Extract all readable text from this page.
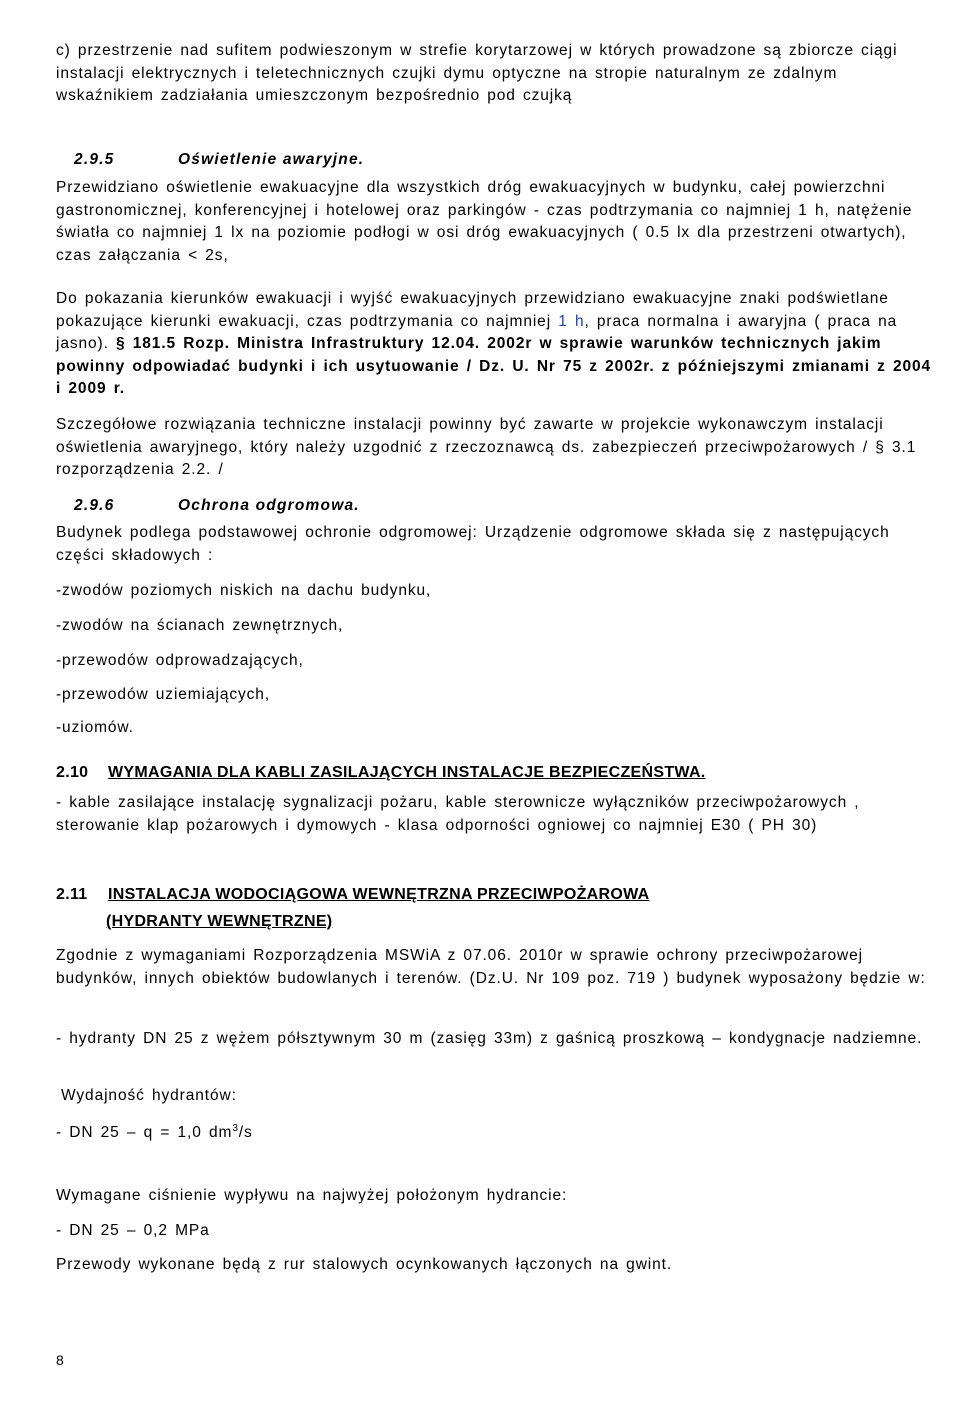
c) przestrzenie nad sufitem podwieszonym w strefie korytarzowej w których prowadzone są zbiorcze ciągi instalacji elektrycznych i teletechnicznych czujki dymu optyczne na stropie naturalnym ze zdalnym wskaźnikiem zadziałania umieszczonym bezpośrednio pod czujką

2.9.5	Oświetlenie awaryjne.

Przewidziano oświetlenie ewakuacyjne dla wszystkich dróg ewakuacyjnych w budynku, całej powierzchni gastronomicznej, konferencyjnej i hotelowej oraz parkingów - czas podtrzymania co najmniej 1 h, natężenie światła co najmniej 1 lx na poziomie podłogi w osi dróg ewakuacyjnych ( 0.5 lx dla przestrzeni otwartych), czas załączania < 2s,

Do pokazania kierunków ewakuacji i wyjść ewakuacyjnych przewidziano ewakuacyjne znaki podświetlane pokazujące kierunki ewakuacji, czas podtrzymania co najmniej 1 h, praca normalna i awaryjna ( praca na jasno). § 181.5 Rozp. Ministra Infrastruktury 12.04. 2002r w sprawie warunków technicznych jakim powinny odpowiadać budynki i ich usytuowanie / Dz. U. Nr 75 z 2002r. z późniejszymi zmianami z 2004 i 2009 r.

Szczegółowe rozwiązania techniczne instalacji powinny być zawarte w projekcie wykonawczym instalacji oświetlenia awaryjnego, który należy uzgodnić z rzeczoznawcą ds. zabezpieczeń przeciwpożarowych / § 3.1 rozporządzenia 2.2. /

2.9.6	Ochrona odgromowa.

Budynek podlega podstawowej ochronie odgromowej: Urządzenie odgromowe składa się z następujących części składowych :

-zwodów poziomych niskich na dachu budynku,

-zwodów na ścianach zewnętrznych,

-przewodów odprowadzających,

-przewodów uziemiających,

-uziomów.

2.10 WYMAGANIA DLA KABLI ZASILAJĄCYCH INSTALACJE BEZPIECZEŃSTWA.

- kable zasilające instalację sygnalizacji pożaru, kable sterownicze wyłączników przeciwpożarowych , sterowanie klap pożarowych i dymowych - klasa odporności ogniowej co najmniej E30 ( PH 30)

2.11 INSTALACJA WODOCIĄGOWA WEWNĘTRZNA PRZECIWPOŻAROWA

(HYDRANTY WEWNĘTRZNE)

Zgodnie z wymaganiami Rozporządzenia MSWiA z 07.06. 2010r w sprawie ochrony przeciwpożarowej budynków, innych obiektów budowlanych i terenów. (Dz.U. Nr 109 poz. 719 ) budynek wyposażony będzie w:

- hydranty DN 25 z wężem półsztywnym 30 m (zasięg 33m) z gaśnicą proszkową – kondygnacje nadziemne.

Wydajność hydrantów:

- DN 25 – q = 1,0 $dm^3/s$

Wymagane ciśnienie wypływu na najwyżej położonym hydrancie:

- DN 25 – 0,2 MPa

Przewody wykonane będą z rur stalowych ocynkowanych łączonych na gwint.

8
